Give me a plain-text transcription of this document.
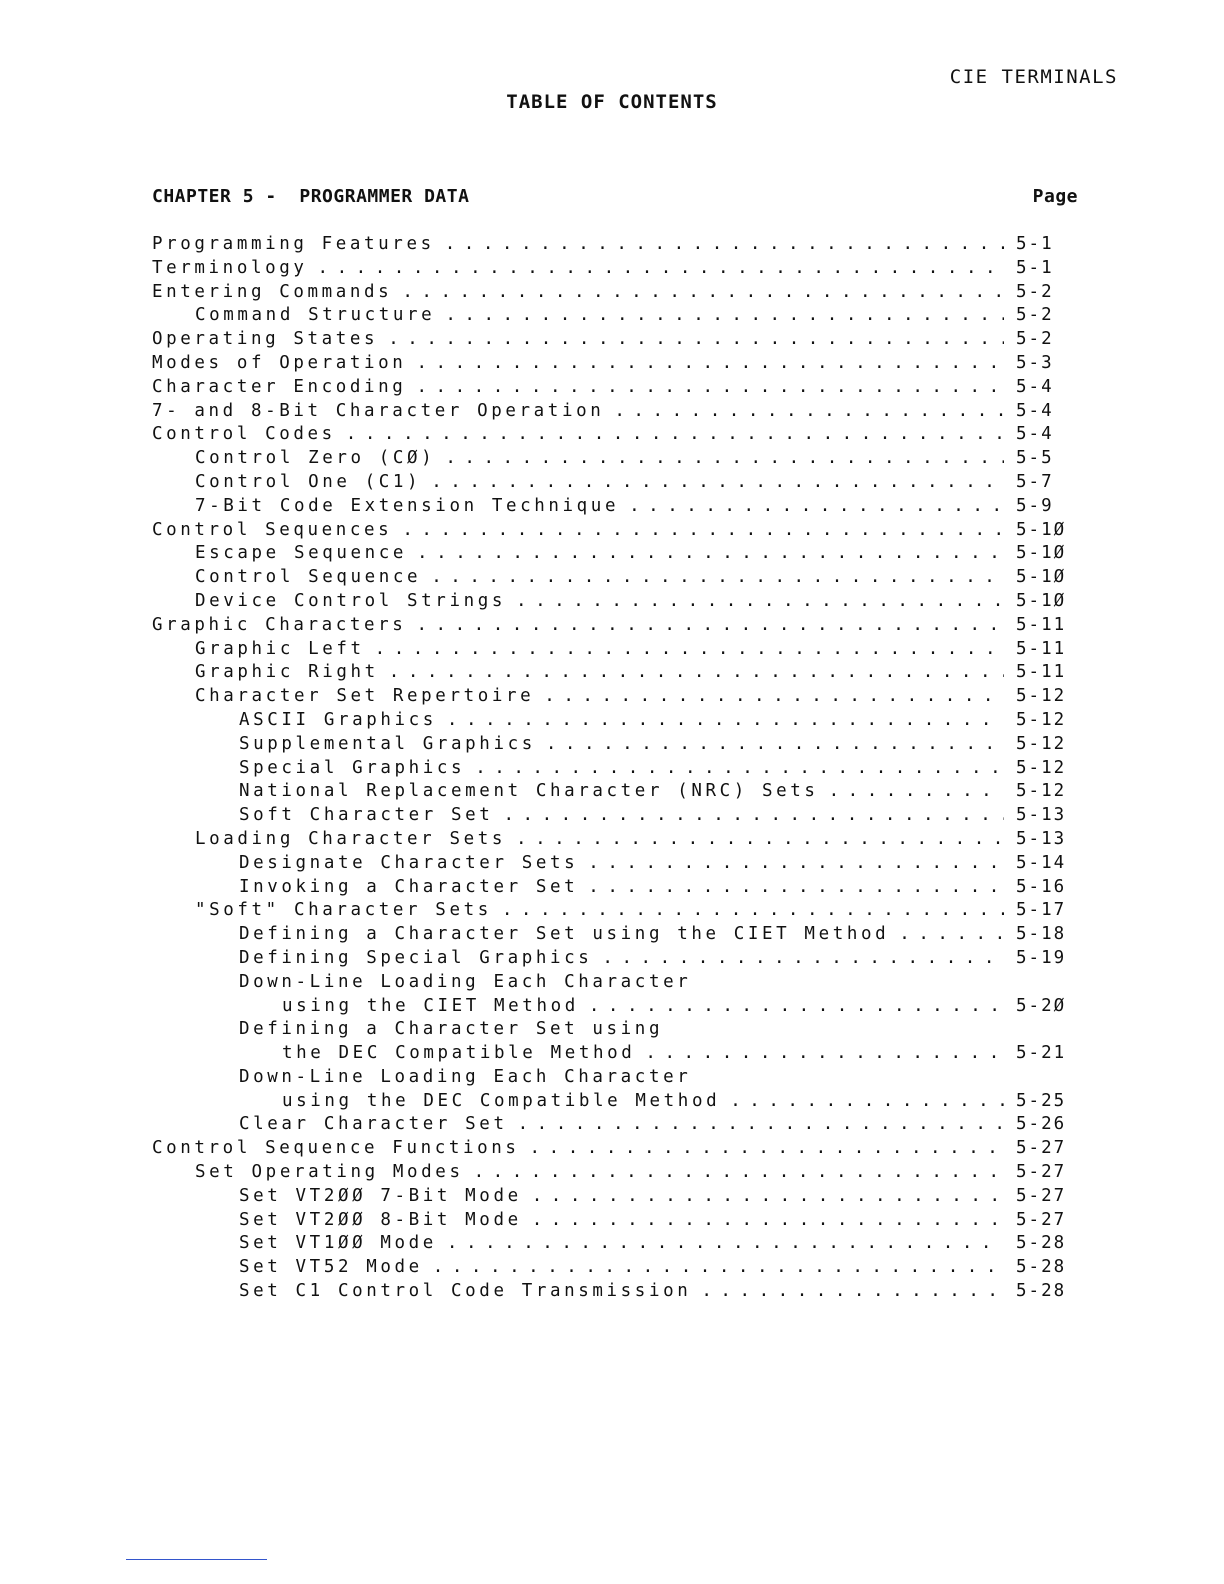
CIE TERMINALS
TABLE OF CONTENTS
CHAPTER 5 -  PROGRAMMER DATA	Page
Programming Features . . .	5-1
Terminology . . .	5-1
Entering Commands . . .	5-2
Command Structure . . .	5-2
Operating States . . .	5-2
Modes of Operation . . .	5-3
Character Encoding . . .	5-4
7- and 8-Bit Character Operation . . .	5-4
Control Codes . . .	5-4
Control Zero (CØ) . . .	5-5
Control One (C1) . . .	5-7
7-Bit Code Extension Technique . . .	5-9
Control Sequences . . .	5-1Ø
Escape Sequence . . .	5-1Ø
Control Sequence . . .	5-1Ø
Device Control Strings . . .	5-1Ø
Graphic Characters . . .	5-11
Graphic Left . . .	5-11
Graphic Right . . .	5-11
Character Set Repertoire . . .	5-12
ASCII Graphics . . .	5-12
Supplemental Graphics . . .	5-12
Special Graphics . . .	5-12
National Replacement Character (NRC) Sets . . .	5-12
Soft Character Set . . .	5-13
Loading Character Sets . . .	5-13
Designate Character Sets . . .	5-14
Invoking a Character Set . . .	5-16
"Soft" Character Sets . . .	5-17
Defining a Character Set using the CIET Method . . .	5-18
Defining Special Graphics . . .	5-19
Down-Line Loading Each Character
using the CIET Method . . .	5-2Ø
Defining a Character Set using
the DEC Compatible Method . . .	5-21
Down-Line Loading Each Character
using the DEC Compatible Method . . .	5-25
Clear Character Set . . .	5-26
Control Sequence Functions . . .	5-27
Set Operating Modes . . .	5-27
Set VT2ØØ 7-Bit Mode . . .	5-27
Set VT2ØØ 8-Bit Mode . . .	5-27
Set VT1ØØ Mode . . .	5-28
Set VT52 Mode . . .	5-28
Set C1 Control Code Transmission . . .	5-28
